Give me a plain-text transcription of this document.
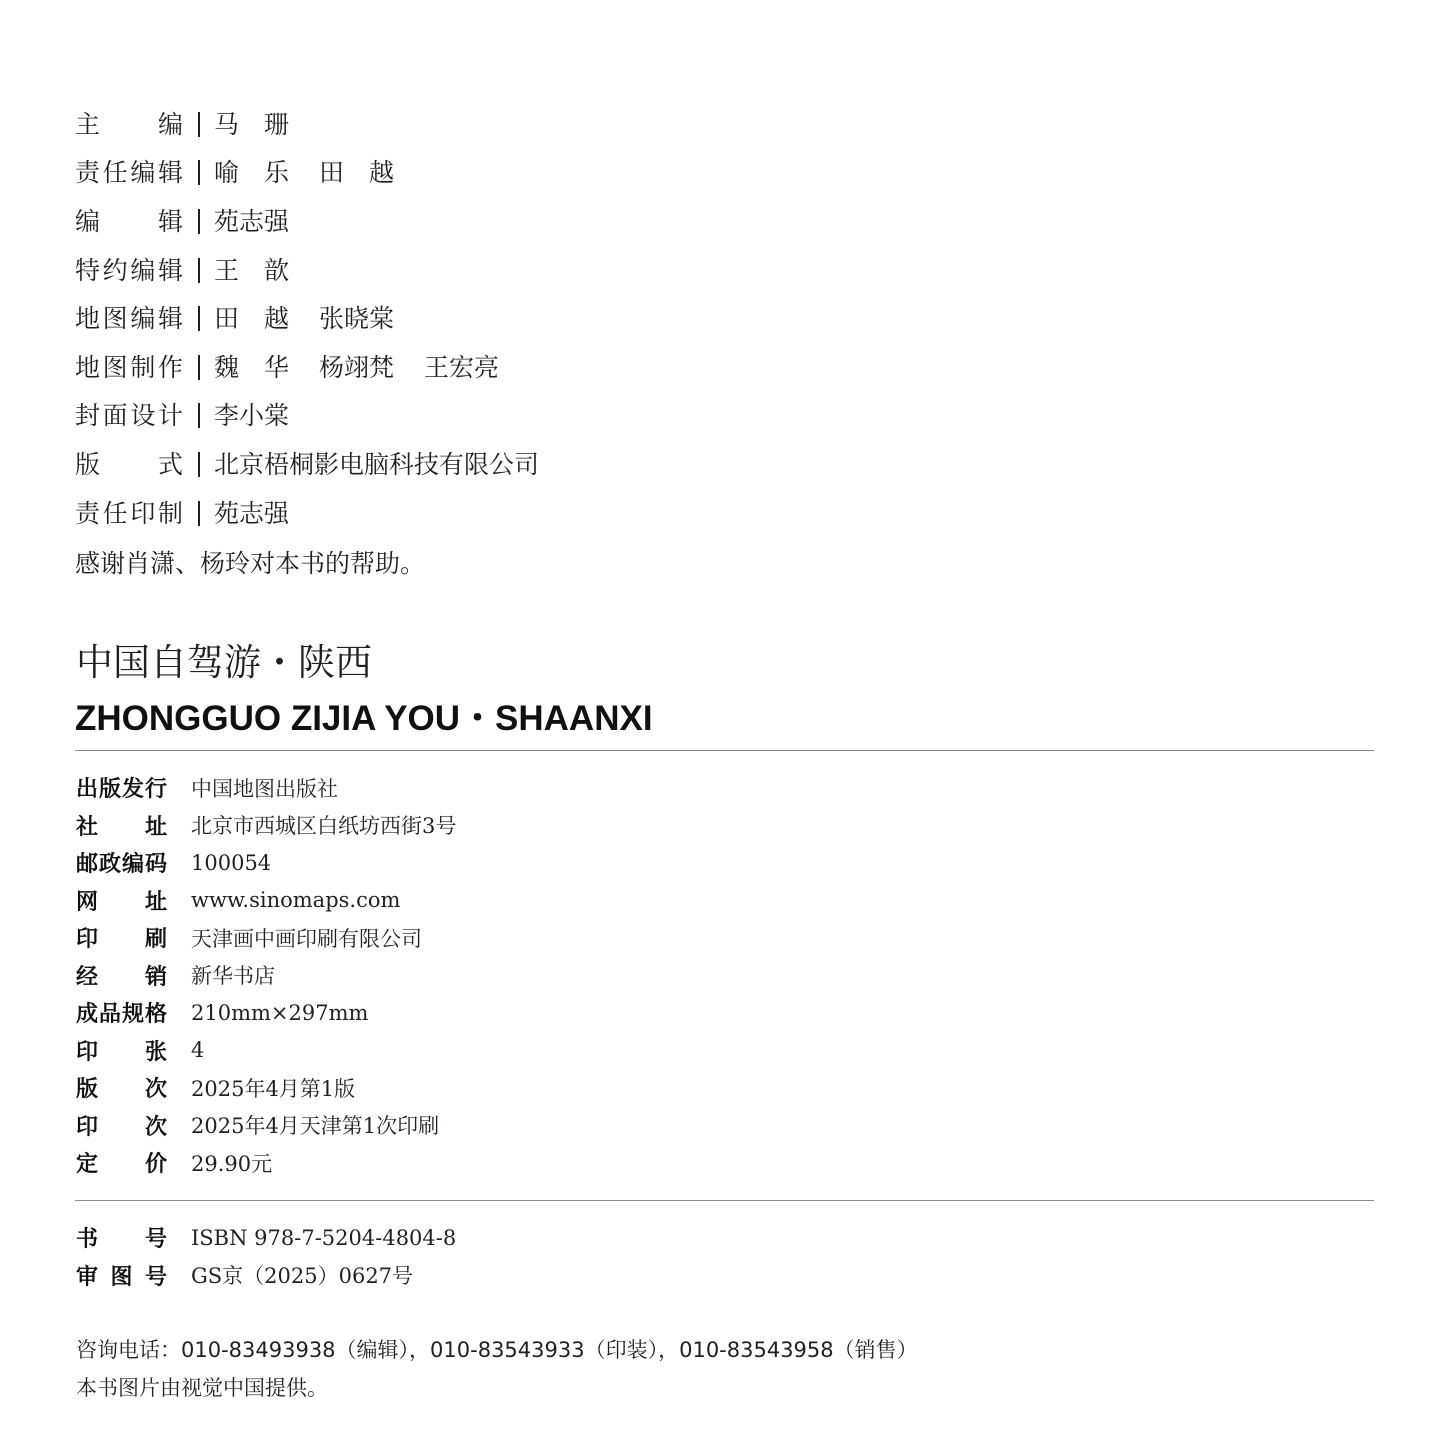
主 编 马　珊
责 任 编 辑 喻　乐 田　越
编 辑 苑志强
特 约 编 辑 王　歆
地 图 编 辑 田　越 张晓棠
地 图 制 作 魏　华 杨翊梵 王宏亮
封 面 设 计 李小棠
版 式 北京梧桐影电脑科技有限公司
责 任 印 制 苑志强
感谢肖潇、杨玲对本书的帮助。
中国自驾游・陕西
ZHONGGUO ZIJIA YOU・SHAANXI
出 版 发 行 中国地图出版社
社 址 北京市西城区白纸坊西街3号
邮 政 编 码 100054
网 址 www.sinomaps.com
印 刷 天津画中画印刷有限公司
经 销 新华书店
成 品 规 格 210mm×297mm
印 张 4
版 次 2025年4月第1版
印 次 2025年4月天津第1次印刷
定 价 29.90元
书 号 ISBN 978-7-5204-4804-8
审 图 号 GS京（2025）0627号
咨询电话：010-83493938（编辑），010-83543933（印装），010-83543958（销售）
本书图片由视觉中国提供。
